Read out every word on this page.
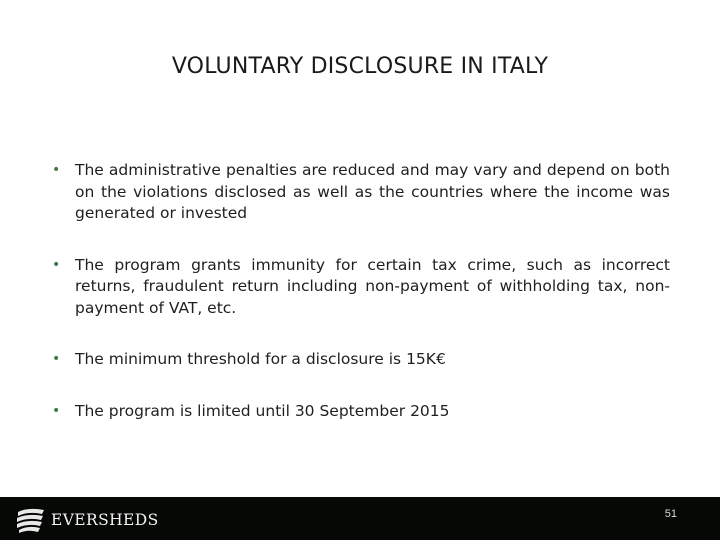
VOLUNTARY DISCLOSURE IN ITALY
• The administrative penalties are reduced and may vary and depend on both on the violations disclosed as well as the countries where the income was generated or invested
• The program grants immunity for certain tax crime, such as incorrect returns, fraudulent return including non-payment of withholding tax, non-payment of VAT, etc.
• The minimum threshold for a disclosure is 15K€
• The program is limited until 30 September 2015
EVERSHEDS	51
